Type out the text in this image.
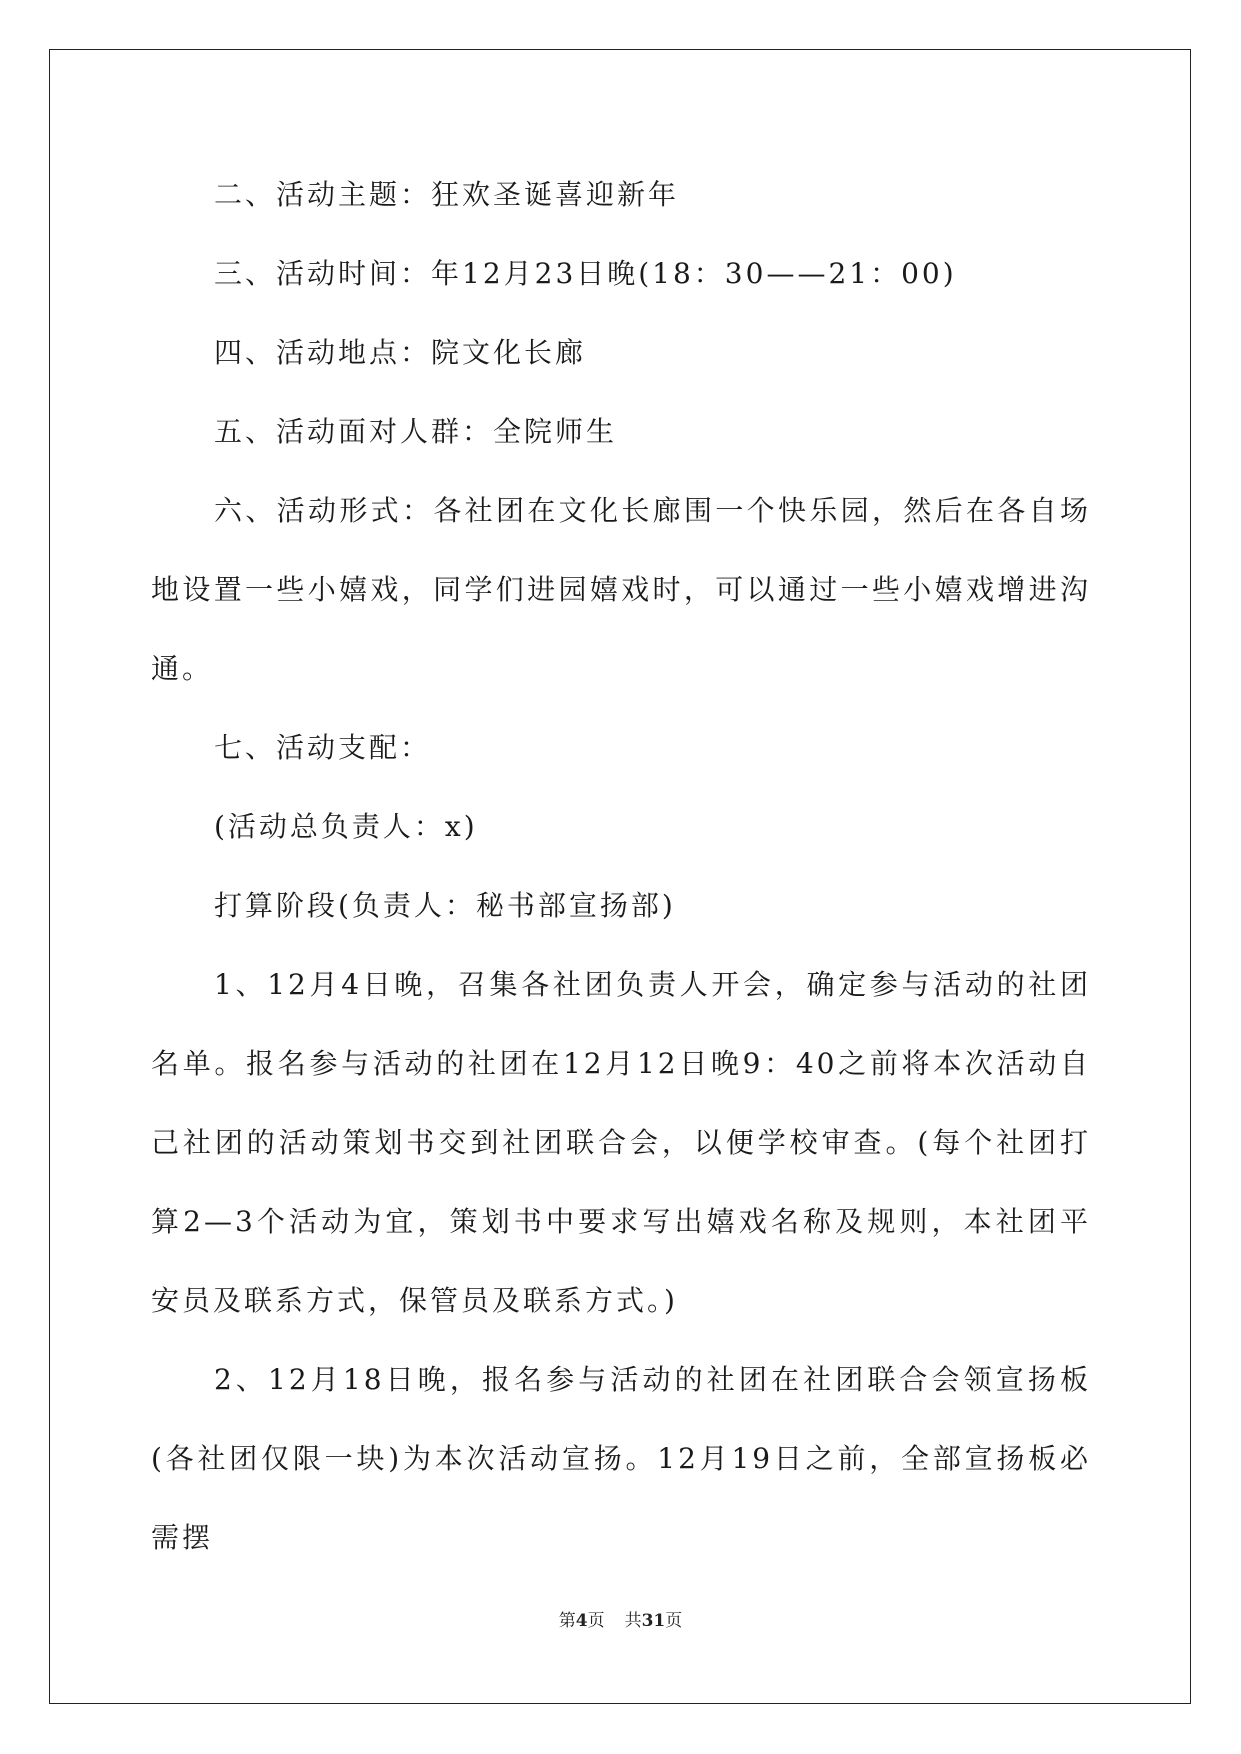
二、活动主题：狂欢圣诞喜迎新年

三、活动时间：年12月23日晚(18：30——21：00)

四、活动地点：院文化长廊

五、活动面对人群：全院师生

六、活动形式：各社团在文化长廊围一个快乐园，然后在各自场地设置一些小嬉戏，同学们进园嬉戏时，可以通过一些小嬉戏增进沟通。

七、活动支配：

(活动总负责人：x)

打算阶段(负责人：秘书部宣扬部)

1、12月4日晚，召集各社团负责人开会，确定参与活动的社团名单。报名参与活动的社团在12月12日晚9：40之前将本次活动自己社团的活动策划书交到社团联合会，以便学校审查。(每个社团打算2—3个活动为宜，策划书中要求写出嬉戏名称及规则，本社团平安员及联系方式，保管员及联系方式。)

2、12月18日晚，报名参与活动的社团在社团联合会领宣扬板(各社团仅限一块)为本次活动宣扬。12月19日之前，全部宣扬板必需摆

第4页 共31页
